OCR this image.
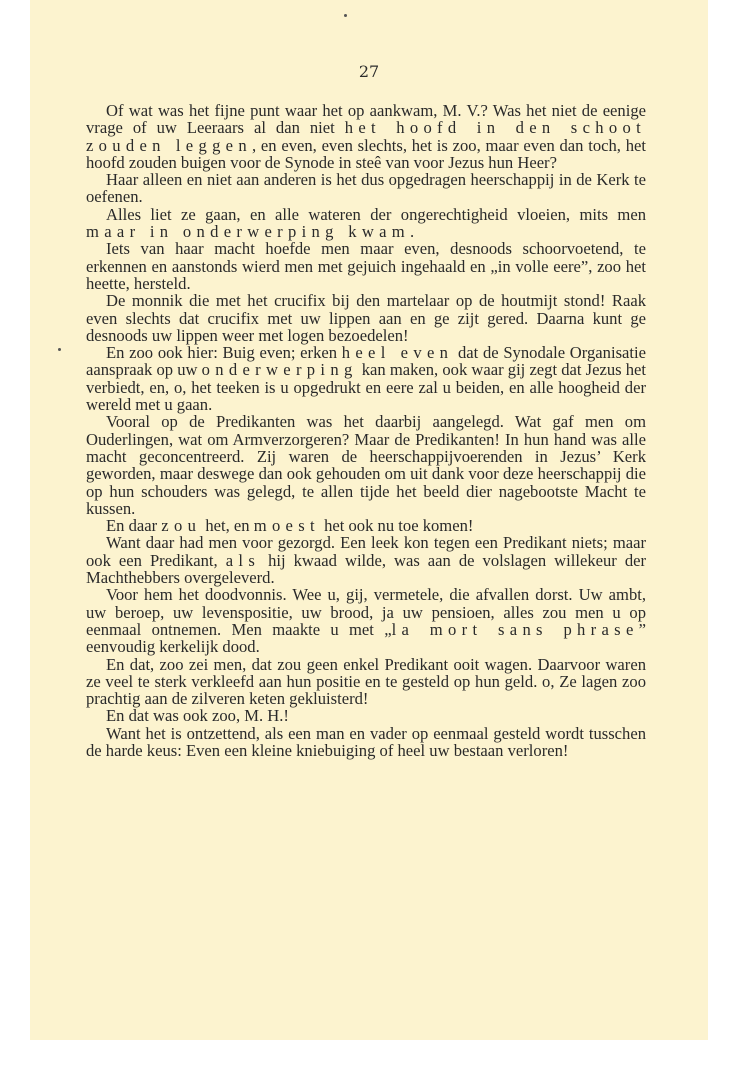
27

Of wat was het fijne punt waar het op aankwam, M. V.? Was het niet de eenige vrage of uw Leeraars al dan niet het hoofd in den schoot zouden leggen, en even, even slechts, het is zoo, maar even dan toch, het hoofd zouden buigen voor de Synode in steê van voor Jezus hun Heer?

Haar alleen en niet aan anderen is het dus opgedragen heerschappij in de Kerk te oefenen.

Alles liet ze gaan, en alle wateren der ongerechtigheid vloeien, mits men maar in onderwerping kwam.

Iets van haar macht hoefde men maar even, desnoods schoorvoetend, te erkennen en aanstonds wierd men met gejuich ingehaald en „in volle eere”, zoo het heette, hersteld.

De monnik die met het crucifix bij den martelaar op de houtmijt stond! Raak even slechts dat crucifix met uw lippen aan en ge zijt gered. Daarna kunt ge desnoods uw lippen weer met logen bezoedelen!

En zoo ook hier: Buig even; erken heel even dat de Synodale Organisatie aanspraak op uw onderwerping kan maken, ook waar gij zegt dat Jezus het verbiedt, en, o, het teeken is u opgedrukt en eere zal u beiden, en alle hoogheid der wereld met u gaan.

Vooral op de Predikanten was het daarbij aangelegd. Wat gaf men om Ouderlingen, wat om Armverzorgeren? Maar de Predikanten! In hun hand was alle macht geconcentreerd. Zij waren de heerschappijvoerenden in Jezus’ Kerk geworden, maar deswege dan ook gehouden om uit dank voor deze heerschappij die op hun schouders was gelegd, te allen tijde het beeld dier nagebootste Macht te kussen.

En daar zou het, en moest het ook nu toe komen!

Want daar had men voor gezorgd. Een leek kon tegen een Predikant niets; maar ook een Predikant, als hij kwaad wilde, was aan de volslagen willekeur der Machthebbers overgeleverd.

Voor hem het doodvonnis. Wee u, gij, vermetele, die afvallen dorst. Uw ambt, uw beroep, uw levenspositie, uw brood, ja uw pensioen, alles zou men u op eenmaal ontnemen. Men maakte u met „la mort sans phrase” eenvoudig kerkelijk dood.

En dat, zoo zei men, dat zou geen enkel Predikant ooit wagen. Daarvoor waren ze veel te sterk verkleefd aan hun positie en te gesteld op hun geld. o, Ze lagen zoo prachtig aan de zilveren keten gekluisterd!

En dat was ook zoo, M. H.!

Want het is ontzettend, als een man en vader op eenmaal gesteld wordt tusschen de harde keus: Even een kleine kniebuiging of heel uw bestaan verloren!
